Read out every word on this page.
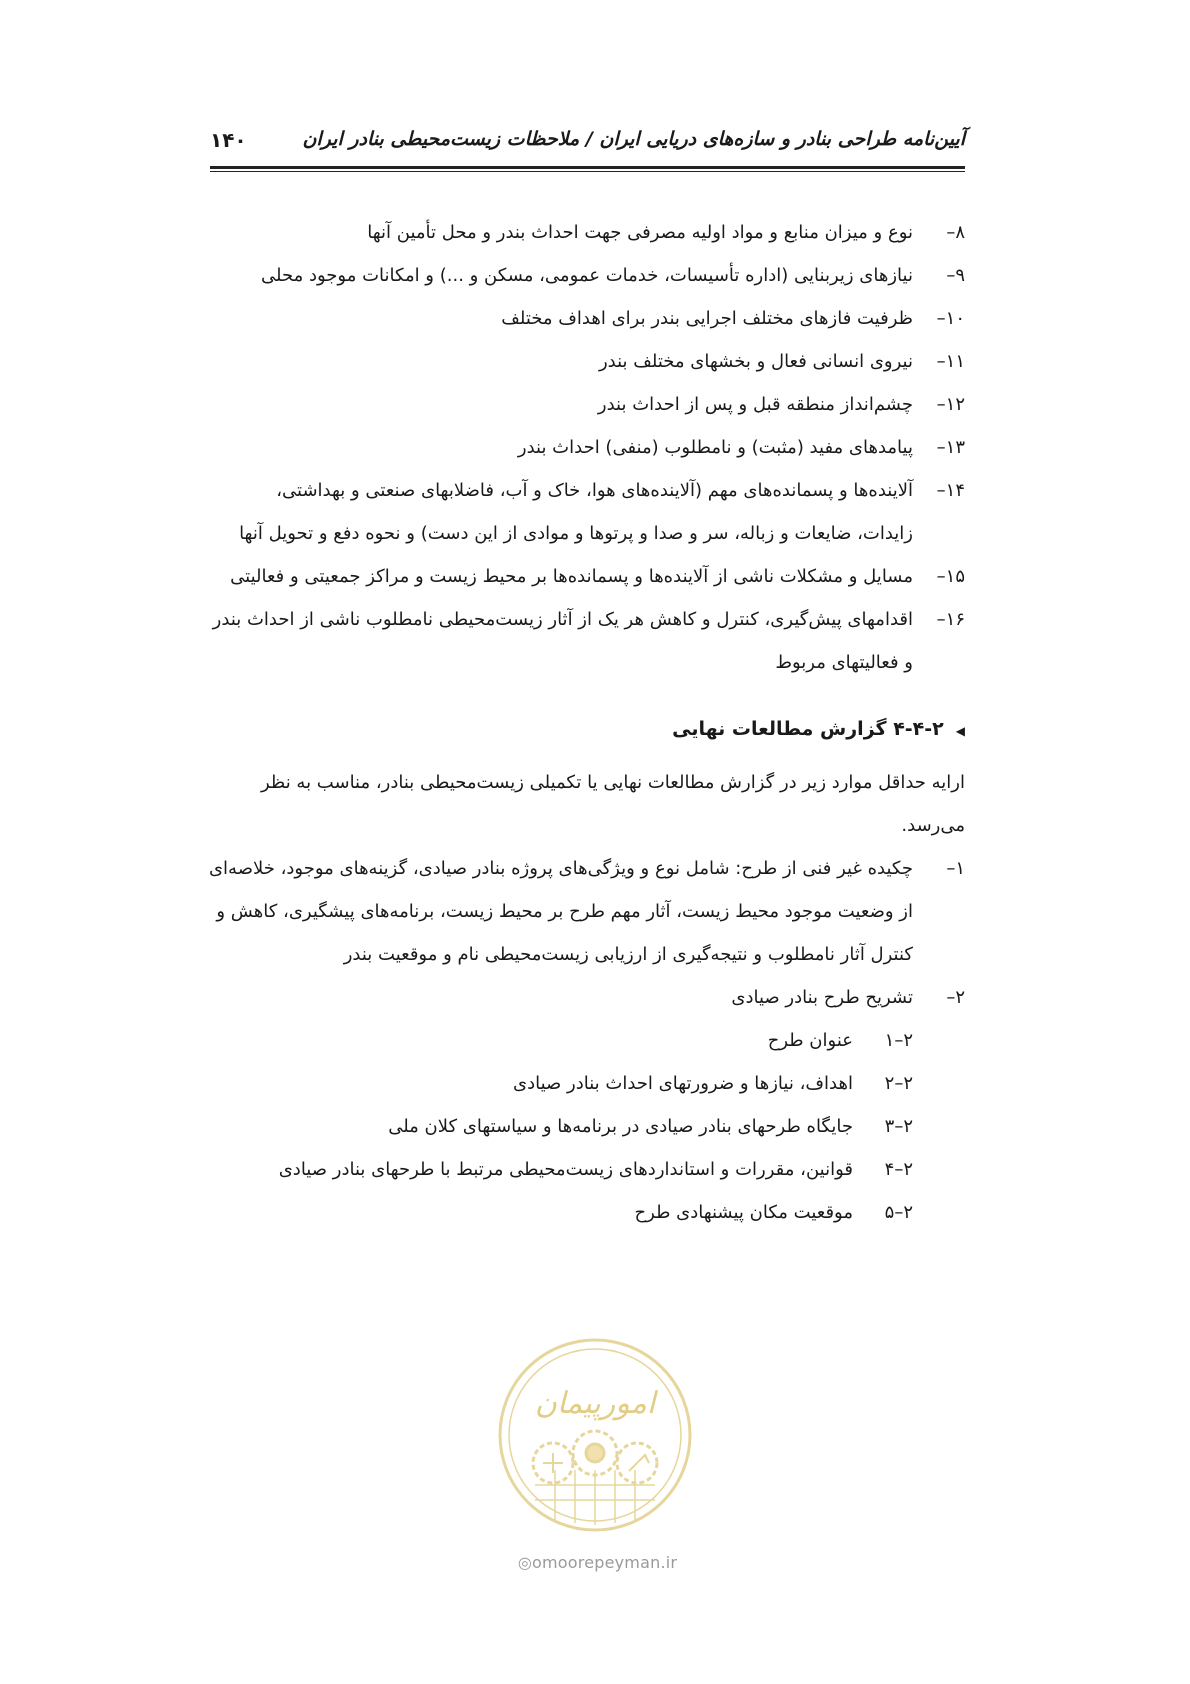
آیین‌نامه طراحی بنادر و سازه‌های دریایی ایران / ملاحظات زیست‌محیطی بنادر ایران
۱۴۰
۸–نوع و میزان منابع و مواد اولیه مصرفی جهت احداث بندر و محل تأمین آنها
۹–نیازهای زیربنایی (اداره تأسیسات، خدمات عمومی، مسکن و ...) و امکانات موجود محلی
۱۰–ظرفیت فازهای مختلف اجرایی بندر برای اهداف مختلف
۱۱–نیروی انسانی فعال و بخشهای مختلف بندر
۱۲–چشم‌انداز منطقه قبل و پس از احداث بندر
۱۳–پیامدهای مفید (مثبت) و نامطلوب (منفی) احداث بندر
۱۴–آلاینده‌ها و پسمانده‌های مهم (آلاینده‌های هوا، خاک و آب، فاضلابهای صنعتی و بهداشتی،
زایدات، ضایعات و زباله، سر و صدا و پرتوها و موادی از این دست) و نحوه دفع و تحویل آنها
۱۵–مسایل و مشکلات ناشی از آلاینده‌ها و پسمانده‌ها بر محیط زیست و مراکز جمعیتی و فعالیتی
۱۶–اقدامهای پیش‌گیری، کنترل و کاهش هر یک از آثار زیست‌محیطی نامطلوب ناشی از احداث بندر
و فعالیتهای مربوط
◀۴-۴-۲ گزارش مطالعات نهایی
ارایه حداقل موارد زیر در گزارش مطالعات نهایی یا تکمیلی زیست‌محیطی بنادر، مناسب به نظر
می‌رسد.
۱–چکیده غیر فنی از طرح: شامل نوع و ویژگی‌های پروژه بنادر صیادی، گزینه‌های موجود، خلاصه‌ای
از وضعیت موجود محیط زیست، آثار مهم طرح بر محیط زیست، برنامه‌های پیشگیری، کاهش و
کنترل آثار نامطلوب و نتیجه‌گیری از ارزیابی زیست‌محیطی نام و موقعیت بندر
۲–تشریح طرح بنادر صیادی
۲–۱عنوان طرح
۲–۲اهداف، نیازها و ضرورتهای احداث بنادر صیادی
۲–۳جایگاه طرحهای بنادر صیادی در برنامه‌ها و سیاستهای کلان ملی
۲–۴قوانین، مقررات و استانداردهای زیست‌محیطی مرتبط با طرحهای بنادر صیادی
۲–۵موقعیت مکان پیشنهادی طرح
امورپیمان
◎omoorepeyman.ir
